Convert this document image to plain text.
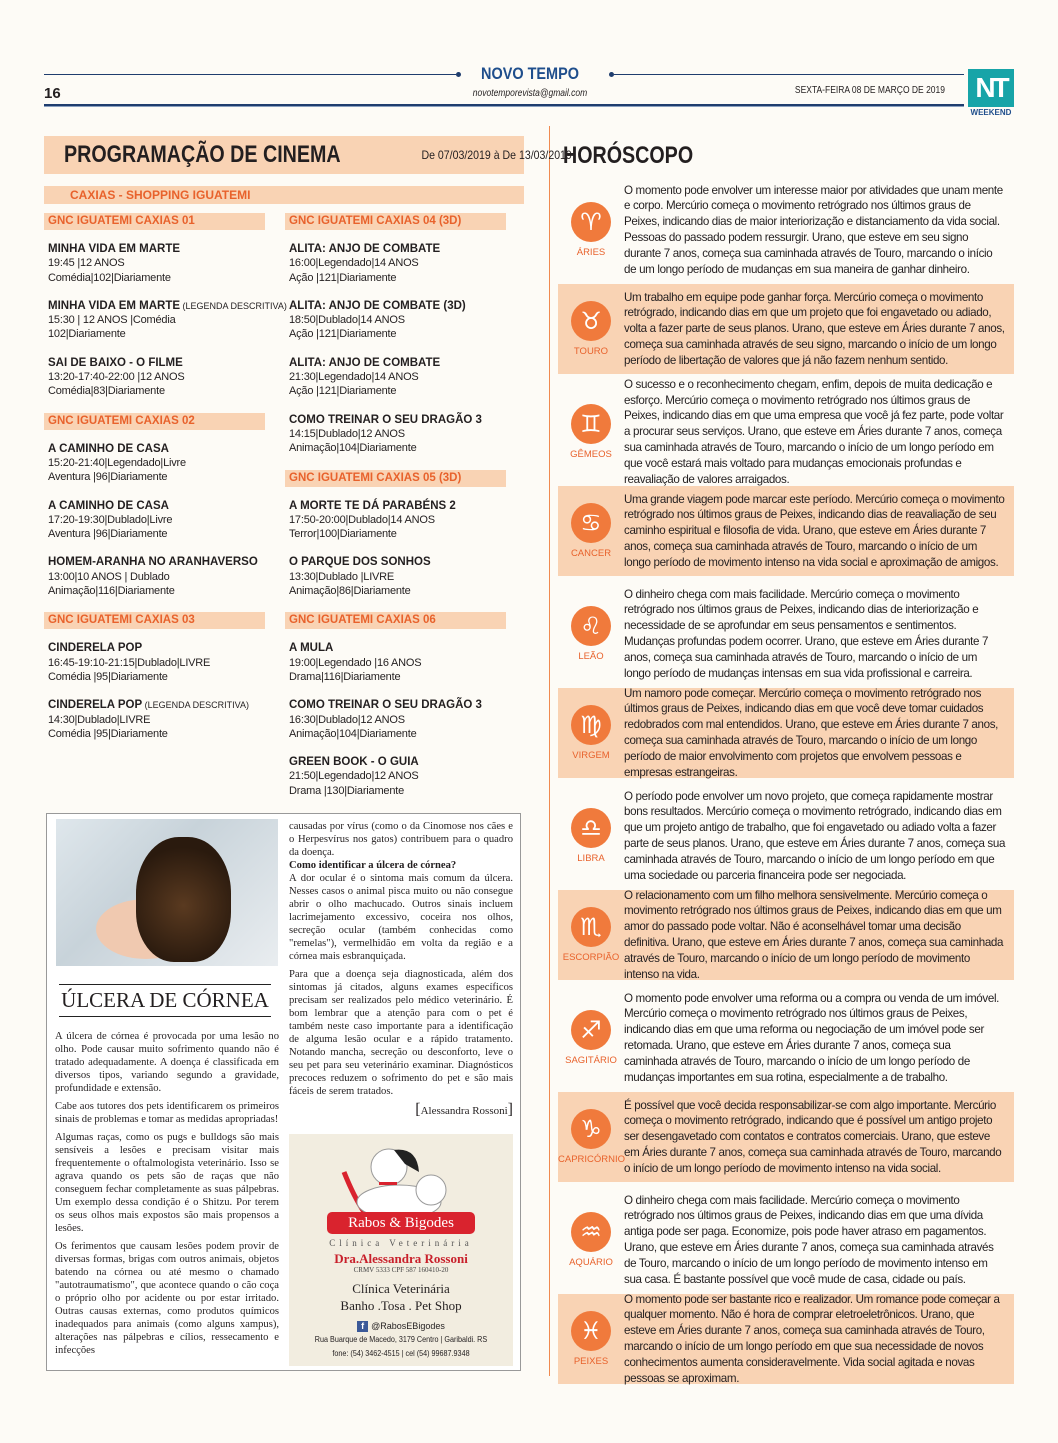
NOVO TEMPO
novotemporevista@gmail.com
16	SEXTA-FEIRA 08 DE MARÇO DE 2019 NT
WEEKEND
PROGRAMAÇÃO DE CINEMA	De 07/03/2019 à De 13/03/2019
CAXIAS - SHOPPING IGUATEMI
GNC IGUATEMI CAXIAS 01
MINHA VIDA EM MARTE
19:45 |12 ANOS
Comédia|102|Diariamente
MINHA VIDA EM MARTE (LEGENDA DESCRITIVA)
15:30 | 12 ANOS |Comédia
102|Diariamente
SAI DE BAIXO - O FILME
13:20-17:40-22:00 |12 ANOS
Comédia|83|Diariamente
GNC IGUATEMI CAXIAS 02
A CAMINHO DE CASA
15:20-21:40|Legendado|Livre
Aventura |96|Diariamente
A CAMINHO DE CASA
17:20-19:30|Dublado|Livre
Aventura |96|Diariamente
HOMEM-ARANHA NO ARANHAVERSO
13:00|10 ANOS | Dublado
Animação|116|Diariamente
GNC IGUATEMI CAXIAS 03
CINDERELA POP
16:45-19:10-21:15|Dublado|LIVRE
Comédia |95|Diariamente
CINDERELA POP (LEGENDA DESCRITIVA)
14:30|Dublado|LIVRE
Comédia |95|Diariamente
GNC IGUATEMI CAXIAS 04 (3D)
ALITA: ANJO DE COMBATE
16:00|Legendado|14 ANOS
Ação |121|Diariamente
ALITA: ANJO DE COMBATE (3D)
18:50|Dublado|14 ANOS
Ação |121|Diariamente
ALITA: ANJO DE COMBATE
21:30|Legendado|14 ANOS
Ação |121|Diariamente
COMO TREINAR O SEU DRAGÃO 3
14:15|Dublado|12 ANOS
Animação|104|Diariamente
GNC IGUATEMI CAXIAS 05 (3D)
A MORTE TE DÁ PARABÉNS 2
17:50-20:00|Dublado|14 ANOS
Terror|100|Diariamente
O PARQUE DOS SONHOS
13:30|Dublado |LIVRE
Animação|86|Diariamente
GNC IGUATEMI CAXIAS 06
A MULA
19:00|Legendado |16 ANOS
Drama|116|Diariamente
COMO TREINAR O SEU DRAGÃO 3
16:30|Dublado|12 ANOS
Animação|104|Diariamente
GREEN BOOK - O GUIA
21:50|Legendado|12 ANOS
Drama |130|Diariamente
ÚLCERA DE CÓRNEA

A úlcera de córnea é provocada por uma lesão no olho. Pode causar muito sofrimento quando não é tratado adequadamente. A doença é classificada em diversos tipos, variando segundo a gravidade, profundidade e extensão.

Cabe aos tutores dos pets identificarem os primeiros sinais de problemas e tomar as medidas apropriadas!

Algumas raças, como os pugs e bulldogs são mais sensíveis a lesões e precisam visitar mais frequentemente o oftalmologista veterinário. Isso se agrava quando os pets são de raças que não conseguem fechar completamente as suas pálpebras. Um exemplo dessa condição é o Shitzu. Por terem os seus olhos mais expostos são mais propensos a lesões.

Os ferimentos que causam lesões podem provir de diversas formas, brigas com outros animais, objetos batendo na córnea ou até mesmo o chamado "autotraumatismo", que acontece quando o cão coça o próprio olho por acidente ou por estar irritado. Outras causas externas, como produtos químicos inadequados para animais (como alguns xampus), alterações nas pálpebras e cílios, ressecamento e infecções

causadas por vírus (como o da Cinomose nos cães e o Herpesvírus nos gatos) contribuem para o quadro da doença.

Como identificar a úlcera de córnea?
A dor ocular é o sintoma mais comum da úlcera. Nesses casos o animal pisca muito ou não consegue abrir o olho machucado. Outros sinais incluem lacrimejamento excessivo, coceira nos olhos, secreção ocular (também conhecidas como "remelas"), vermelhidão em volta da região e a córnea mais esbranquiçada.

Para que a doença seja diagnosticada, além dos sintomas já citados, alguns exames específicos precisam ser realizados pelo médico veterinário. É bom lembrar que a atenção para com o pet é também neste caso importante para a identificação de alguma lesão ocular e a rápido tratamento. Notando mancha, secreção ou desconforto, leve o seu pet para seu veterinário examinar. Diagnósticos precoces reduzem o sofrimento do pet e são mais fáceis de serem tratados.

[Alessandra Rossoni]
Rabos & Bigodes
Clínica Veterinária
Dra.Alessandra Rossoni
CRMV 5333 CPF 587 160410-20
Clínica Veterinária
Banho .Tosa . Pet Shop
f @RabosEBigodes
Rua Buarque de Macedo, 3179 Centro | Garibaldi. RS
fone: (54) 3462-4515 | cel (54) 99687.9348
HORÓSCOPO
♈
ÁRIES
O momento pode envolver um interesse maior por atividades que unam mente e corpo. Mercúrio começa o movimento retrógrado nos últimos graus de Peixes, indicando dias de maior interiorização e distanciamento da vida social. Pessoas do passado podem ressurgir. Urano, que esteve em seu signo durante 7 anos, começa sua caminhada através de Touro, marcando o início de um longo período de mudanças em sua maneira de ganhar dinheiro.
♉
TOURO
Um trabalho em equipe pode ganhar força. Mercúrio começa o movimento retrógrado, indicando dias em que um projeto que foi engavetado ou adiado, volta a fazer parte de seus planos. Urano, que esteve em Áries durante 7 anos, começa sua caminhada através de seu signo, marcando o início de um longo período de libertação de valores que já não fazem nenhum sentido.
♊
GÊMEOS
O sucesso e o reconhecimento chegam, enfim, depois de muita dedicação e esforço. Mercúrio começa o movimento retrógrado nos últimos graus de Peixes, indicando dias em que uma empresa que você já fez parte, pode voltar a procurar seus serviços. Urano, que esteve em Áries durante 7 anos, começa sua caminhada através de Touro, marcando o início de um longo período em que você estará mais voltado para mudanças emocionais profundas e reavaliação de valores arraigados.
♋
CANCER
Uma grande viagem pode marcar este período. Mercúrio começa o movimento retrógrado nos últimos graus de Peixes, indicando dias de reavaliação de seu caminho espiritual e filosofia de vida. Urano, que esteve em Áries durante 7 anos, começa sua caminhada através de Touro, marcando o início de um longo período de movimento intenso na vida social e aproximação de amigos.
♌
LEÃO
O dinheiro chega com mais facilidade. Mercúrio começa o movimento retrógrado nos últimos graus de Peixes, indicando dias de interiorização e necessidade de se aprofundar em seus pensamentos e sentimentos. Mudanças profundas podem ocorrer. Urano, que esteve em Áries durante 7 anos, começa sua caminhada através de Touro, marcando o início de um longo período de mudanças intensas em sua vida profissional e carreira.
♍
VIRGEM
Um namoro pode começar. Mercúrio começa o movimento retrógrado nos últimos graus de Peixes, indicando dias em que você deve tomar cuidados redobrados com mal entendidos. Urano, que esteve em Áries durante 7 anos, começa sua caminhada através de Touro, marcando o início de um longo período de maior envolvimento com projetos que envolvem pessoas e empresas estrangeiras.
♎
LIBRA
O período pode envolver um novo projeto, que começa rapidamente mostrar bons resultados. Mercúrio começa o movimento retrógrado, indicando dias em que um projeto antigo de trabalho, que foi engavetado ou adiado volta a fazer parte de seus planos. Urano, que esteve em Áries durante 7 anos, começa sua caminhada através de Touro, marcando o início de um longo período em que uma sociedade ou parceria financeira pode ser negociada.
♏
ESCORPIÃO
O relacionamento com um filho melhora sensivelmente. Mercúrio começa o movimento retrógrado nos últimos graus de Peixes, indicando dias em que um amor do passado pode voltar. Não é aconselhável tomar uma decisão definitiva. Urano, que esteve em Áries durante 7 anos, começa sua caminhada através de Touro, marcando o início de um longo período de movimento intenso na vida.
♐
SAGITÁRIO
O momento pode envolver uma reforma ou a compra ou venda de um imóvel. Mercúrio começa o movimento retrógrado nos últimos graus de Peixes, indicando dias em que uma reforma ou negociação de um imóvel pode ser retomada. Urano, que esteve em Áries durante 7 anos, começa sua caminhada através de Touro, marcando o início de um longo período de mudanças importantes em sua rotina, especialmente a de trabalho.
♑
CAPRICÓRNIO
É possível que você decida responsabilizar-se com algo importante. Mercúrio começa o movimento retrógrado, indicando que é possível um antigo projeto ser desengavetado com contatos e contratos comerciais. Urano, que esteve em Áries durante 7 anos, começa sua caminhada através de Touro, marcando o início de um longo período de movimento intenso na vida social.
♒
AQUÁRIO
O dinheiro chega com mais facilidade. Mercúrio começa o movimento retrógrado nos últimos graus de Peixes, indicando dias em que uma dívida antiga pode ser paga. Economize, pois pode haver atraso em pagamentos. Urano, que esteve em Áries durante 7 anos, começa sua caminhada através de Touro, marcando o início de um longo período de movimento intenso em sua casa. É bastante possível que você mude de casa, cidade ou país.
♓
PEIXES
O momento pode ser bastante rico e realizador. Um romance pode começar a qualquer momento. Não é hora de comprar eletroeletrônicos. Urano, que esteve em Áries durante 7 anos, começa sua caminhada através de Touro, marcando o início de um longo período em que sua necessidade de novos conhecimentos aumenta consideravelmente. Vida social agitada e novas pessoas se aproximam.
